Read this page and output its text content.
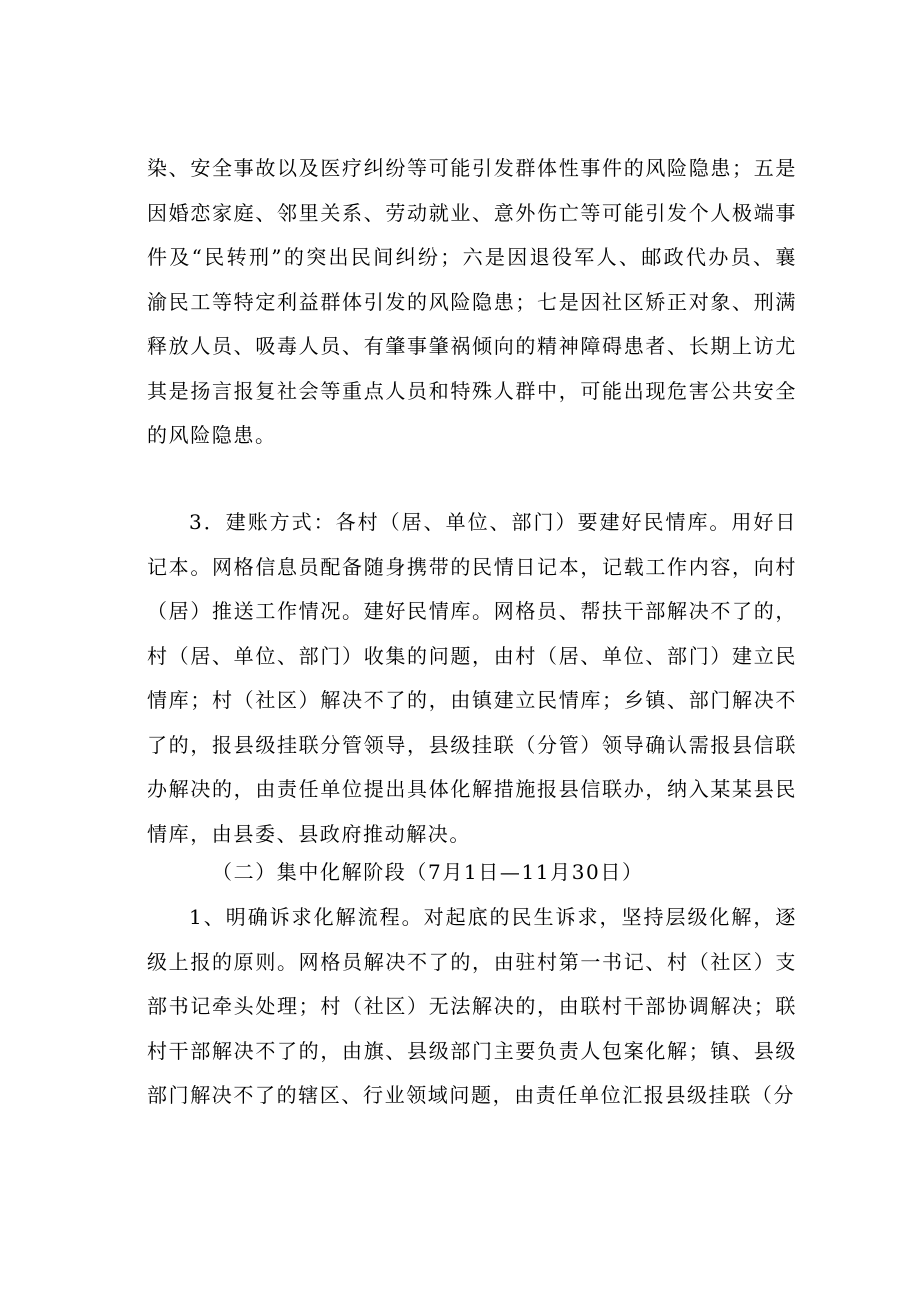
染、安全事故以及医疗纠纷等可能引发群体性事件的风险隐患；五是因婚恋家庭、邻里关系、劳动就业、意外伤亡等可能引发个人极端事件及“民转刑”的突出民间纠纷；六是因退役军人、邮政代办员、襄渝民工等特定利益群体引发的风险隐患；七是因社区矫正对象、刑满释放人员、吸毒人员、有肇事肇祸倾向的精神障碍患者、长期上访尤其是扬言报复社会等重点人员和特殊人群中，可能出现危害公共安全的风险隐患。

3．建账方式：各村（居、单位、部门）要建好民情库。用好日记本。网格信息员配备随身携带的民情日记本，记载工作内容，向村（居）推送工作情况。建好民情库。网格员、帮扶干部解决不了的，村（居、单位、部门）收集的问题，由村（居、单位、部门）建立民情库；村（社区）解决不了的，由镇建立民情库；乡镇、部门解决不了的，报县级挂联分管领导，县级挂联（分管）领导确认需报县信联办解决的，由责任单位提出具体化解措施报县信联办，纳入某某县民情库，由县委、县政府推动解决。

（二）集中化解阶段（7月1日—11月30日）

1、明确诉求化解流程。对起底的民生诉求，坚持层级化解，逐级上报的原则。网格员解决不了的，由驻村第一书记、村（社区）支部书记牵头处理；村（社区）无法解决的，由联村干部协调解决；联村干部解决不了的，由旗、县级部门主要负责人包案化解；镇、县级部门解决不了的辖区、行业领域问题，由责任单位汇报县级挂联（分
